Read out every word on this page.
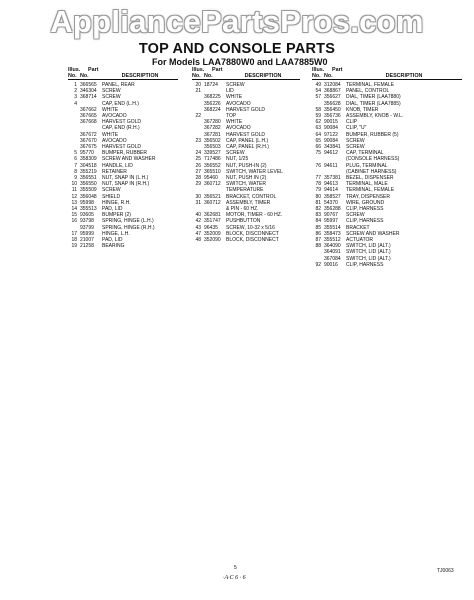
AppliancePartsPros.com
TOP AND CONSOLE PARTS
For Models LAA7880W0 and LAA7885W0
Illus.	Part
No. No.	DESCRIPTION
1 366565	PANEL, REAR
2 346304	SCREW
3 368714	SCREW
4	CAP, END (L.H.)
367662	WHITE
367665	AVOCADO
367668	HARVEST GOLD
CAP, END (R.H.)
367672	WHITE
367670	AVOCADO
367675	HARVEST GOLD
5 95770	BUMPER, RUBBER
6 358309	SCREW AND WASHER
7 304518	HANDLE, LID
8 355219	RETAINER
9 356551	NUT, SNAP IN (L.H.)
10 356550	NUT, SNAP IN (R.H.)
11 355509	SCREW
12 356048	SHIELD
13 95998	HINGE, R.H.
14 355513	PAD, LID
15 93605	BUMPER (2)
16 93798	SPRING, HINGE (L.H.)
93799	SPRING, HINGE (R.H.)
17 95999	HINGE, L.H.
18 21007	PAD, LID
19 21258	BEARING
Illus.	Part
No. No.	DESCRIPTION
20 18724	SCREW
21	LID
368225	WHITE
356226	AVOCADO
368224	HARVEST GOLD
22	TOP
367280	WHITE
367282	AVOCADO
367281	HARVEST GOLD
23 356502	CAP, PANEL (L.H.)
356503	CAP, PANEL (R.H.)
24 339527	SCREW
25 717486	NUT, 1/25
26 356552	NUT, PUSH-IN (2)
27 365510	SWITCH, WATER LEVEL
28 95460	NUT, PUSH IN (2)
29 360712	SWITCH, WATER
TEMPERATURE
30 356521	BRACKET, CONTROL
31 360712	ASSEMBLY, TIMER
& PIN - 60 HZ.
40 362681	MOTOR, TIMER - 60 HZ.
42 351747	PUSHBUTTON
43 96435	SCREW, 10-32 x 5/16
47 352009	BLOCK, DISCONNECT
48 352090	BLOCK, DISCONNECT
Illus.	Part
No. No.	DESCRIPTION
49 312084	TERMINAL, FEMALE
54 368867	PANEL, CONTROL
57 356627	DIAL, TIMER (LAA7880)
356628	DIAL, TIMER (LAA7885)
58 356450	KNOB, TIMER
59 356736	ASSEMBLY, KNOB - W.L.
62 90015	CLIP
63 90084	CLIP, "U"
64 97122	BUMPER, RUBBER (5)
65 90084	SCREW
66 343841	SCREW
75 94612	CAP, TERMINAL
(CONSOLE HARNESS)
76 94611	PLUG, TERMINAL
(CABINET HARNESS)
77 357381	BEZEL, DISPENSER
78 94613	TERMINAL, MALE
79 94614	TERMINAL, FEMALE
80 358527	TRAY, DISPENSER
81 54370	WIRE, GROUND
82 356288	CLIP, HARNESS
83 90767	SCREW
84 95997	CLIP, HARNESS
85 355514	BRACKET
86 358473	SCREW AND WASHER
87 355512	ACTUATOR
88 364090	SWITCH, LID (ALT.)
364091	SWITCH, LID (ALT.)
367084	SWITCH, LID (ALT.)
92 90016	CLIP, HARNESS
5	TJ0063
·A·C 6 · 6
